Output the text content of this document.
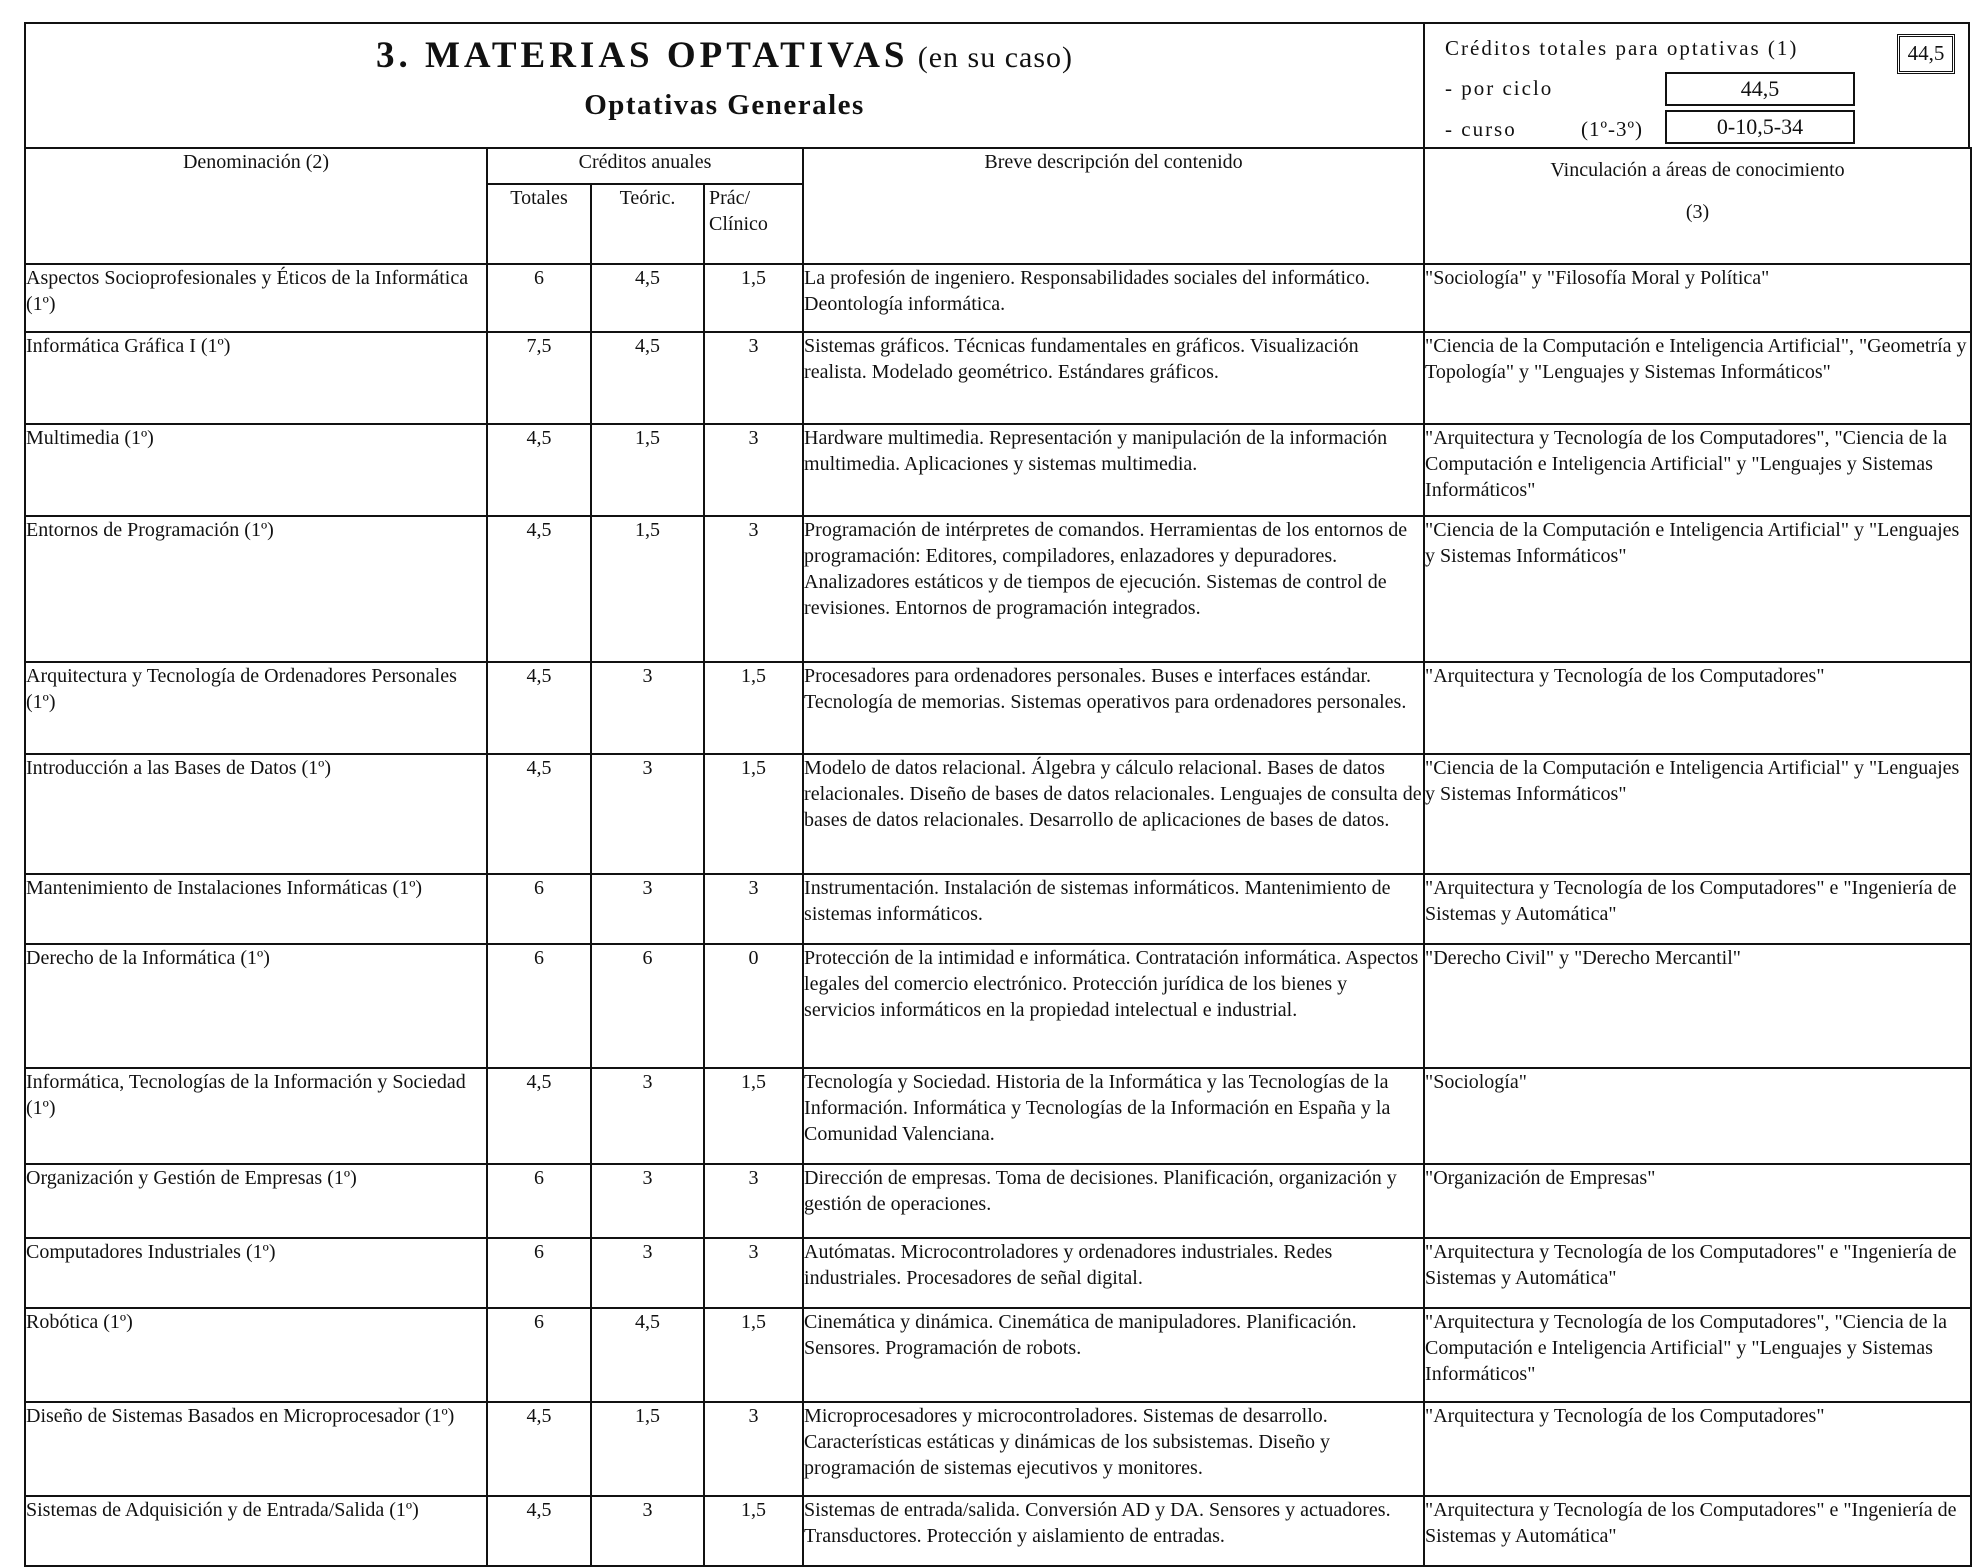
3. MATERIAS OPTATIVAS (en su caso)
Optativas Generales
Créditos totales para optativas (1)	44,5
- por ciclo	44,5
- curso	(1º-3º)	0-10,5-34
Denominación (2)	Créditos anuales			Breve descripción del contenido	Vinculación a áreas de conocimiento
(3)

	Totales	Teóric.	Prác/ Clínico		
Aspectos Socioprofesionales y Éticos de la Informática (1º)	6	4,5	1,5	La profesión de ingeniero. Responsabilidades sociales del informático. Deontología informática.	"Sociología" y "Filosofía Moral y Política"
Informática Gráfica I (1º)	7,5	4,5	3	Sistemas gráficos. Técnicas fundamentales en gráficos. Visualización realista. Modelado geométrico. Estándares gráficos.	"Ciencia de la Computación e Inteligencia Artificial", "Geometría y Topología" y "Lenguajes y Sistemas Informáticos"
Multimedia (1º)	4,5	1,5	3	Hardware multimedia. Representación y manipulación de la información multimedia. Aplicaciones y sistemas multimedia.	"Arquitectura y Tecnología de los Computadores", "Ciencia de la Computación e Inteligencia Artificial" y "Lenguajes y Sistemas Informáticos"
Entornos de Programación (1º)	4,5	1,5	3	Programación de intérpretes de comandos. Herramientas de los entornos de programación: Editores, compiladores, enlazadores y depuradores. Analizadores estáticos y de tiempos de ejecución. Sistemas de control de revisiones. Entornos de programación integrados.	"Ciencia de la Computación e Inteligencia Artificial" y "Lenguajes y Sistemas Informáticos"
Arquitectura y Tecnología de Ordenadores Personales (1º)	4,5	3	1,5	Procesadores para ordenadores personales. Buses e interfaces estándar. Tecnología de memorias. Sistemas operativos para ordenadores personales.	"Arquitectura y Tecnología de los Computadores"
Introducción a las Bases de Datos (1º)	4,5	3	1,5	Modelo de datos relacional. Álgebra y cálculo relacional. Bases de datos relacionales. Diseño de bases de datos relacionales. Lenguajes de consulta de bases de datos relacionales. Desarrollo de aplicaciones de bases de datos.	"Ciencia de la Computación e Inteligencia Artificial" y "Lenguajes y Sistemas Informáticos"
Mantenimiento de Instalaciones Informáticas (1º)	6	3	3	Instrumentación. Instalación de sistemas informáticos. Mantenimiento de sistemas informáticos.	"Arquitectura y Tecnología de los Computadores" e "Ingeniería de Sistemas y Automática"
Derecho de la Informática (1º)	6	6	0	Protección de la intimidad e informática. Contratación informática. Aspectos legales del comercio electrónico. Protección jurídica de los bienes y servicios informáticos en la propiedad intelectual e industrial.	"Derecho Civil" y "Derecho Mercantil"
Informática, Tecnologías de la Información y Sociedad (1º)	4,5	3	1,5	Tecnología y Sociedad. Historia de la Informática y las Tecnologías de la Información. Informática y Tecnologías de la Información en España y la Comunidad Valenciana.	"Sociología"
Organización y Gestión de Empresas (1º)	6	3	3	Dirección de empresas. Toma de decisiones. Planificación, organización y gestión de operaciones.	"Organización de Empresas"
Computadores Industriales (1º)	6	3	3	Autómatas. Microcontroladores y ordenadores industriales. Redes industriales. Procesadores de señal digital.	"Arquitectura y Tecnología de los Computadores" e "Ingeniería de Sistemas y Automática"
Robótica (1º)	6	4,5	1,5	Cinemática y dinámica. Cinemática de manipuladores. Planificación. Sensores. Programación de robots.	"Arquitectura y Tecnología de los Computadores", "Ciencia de la Computación e Inteligencia Artificial" y "Lenguajes y Sistemas Informáticos"
Diseño de Sistemas Basados en Microprocesador (1º)	4,5	1,5	3	Microprocesadores y microcontroladores. Sistemas de desarrollo. Características estáticas y dinámicas de los subsistemas. Diseño y programación de sistemas ejecutivos y monitores.	"Arquitectura y Tecnología de los Computadores"
Sistemas de Adquisición y de Entrada/Salida (1º)	4,5	3	1,5	Sistemas de entrada/salida. Conversión AD y DA. Sensores y actuadores. Transductores. Protección y aislamiento de entradas.	"Arquitectura y Tecnología de los Computadores" e "Ingeniería de Sistemas y Automática"
